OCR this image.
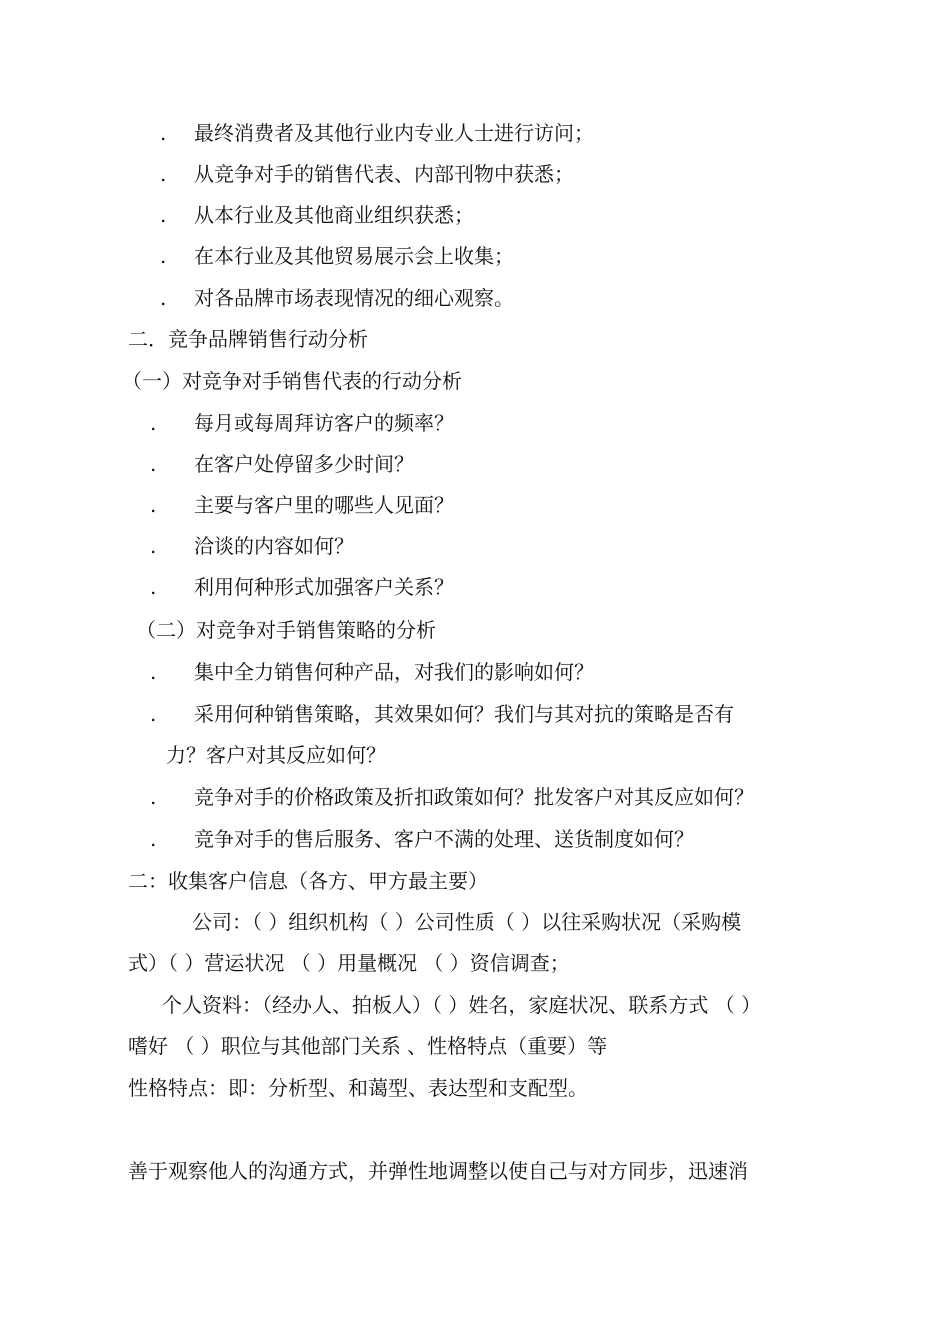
. 最终消费者及其他行业内专业人士进行访问；
. 从竞争对手的销售代表、内部刊物中获悉；
. 从本行业及其他商业组织获悉；
. 在本行业及其他贸易展示会上收集；
. 对各品牌市场表现情况的细心观察。
二．竞争品牌销售行动分析
（一）对竞争对手销售代表的行动分析
. 每月或每周拜访客户的频率？
. 在客户处停留多少时间？
. 主要与客户里的哪些人见面？
. 洽谈的内容如何？
. 利用何种形式加强客户关系？
（二）对竞争对手销售策略的分析
. 集中全力销售何种产品，对我们的影响如何？
. 采用何种销售策略，其效果如何？我们与其对抗的策略是否有
力？客户对其反应如何？
. 竞争对手的价格政策及折扣政策如何？批发客户对其反应如何？
. 竞争对手的售后服务、客户不满的处理、送货制度如何？
二：收集客户信息（各方、甲方最主要）
公司：（ ）组织机构（ ）公司性质（ ）以往采购状况（采购模
式）（ ）营运状况 （ ）用量概况 （ ）资信调查；
个人资料：（经办人、拍板人）（ ）姓名，家庭状况、联系方式 （ ）
嗜好 （ ）职位与其他部门关系 、性格特点（重要）等
性格特点：即：分析型、和蔼型、表达型和支配型。
善于观察他人的沟通方式，并弹性地调整以使自己与对方同步，迅速消
